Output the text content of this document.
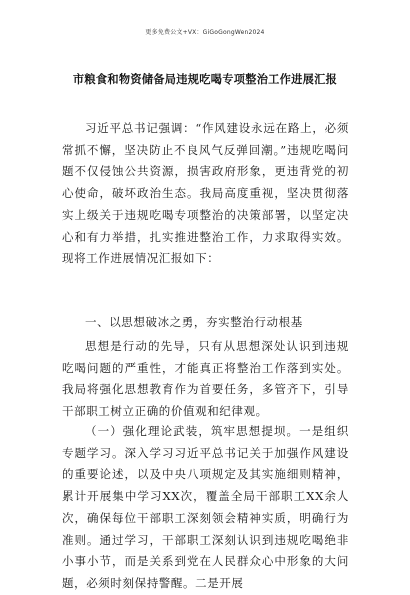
更多免费公文+VX：GiGoGongWen2024
市粮食和物资储备局违规吃喝专项整治工作进展汇报

习近平总书记强调：“作风建设永远在路上，必须常抓不懈，坚决防止不良风气反弹回潮。”违规吃喝问题不仅侵蚀公共资源，损害政府形象，更违背党的初心使命，破坏政治生态。我局高度重视，坚决贯彻落实上级关于违规吃喝专项整治的决策部署，以坚定决心和有力举措，扎实推进整治工作，力求取得实效。现将工作进展情况汇报如下：

一、以思想破冰之勇，夯实整治行动根基

思想是行动的先导，只有从思想深处认识到违规吃喝问题的严重性，才能真正将整治工作落到实处。我局将强化思想教育作为首要任务，多管齐下，引导干部职工树立正确的价值观和纪律观。

（一）强化理论武装，筑牢思想提坝。一是组织专题学习。深入学习习近平总书记关于加强作风建设的重要论述，以及中央八项规定及其实施细则精神，累计开展集中学习XX次，覆盖全局干部职工XX余人次，确保每位干部职工深刻领会精神实质，明确行为准则。通过学习，干部职工深刻认识到违规吃喝绝非小事小节，而是关系到党在人民群众心中形象的大问题，必须时刻保持警醒。二是开展
